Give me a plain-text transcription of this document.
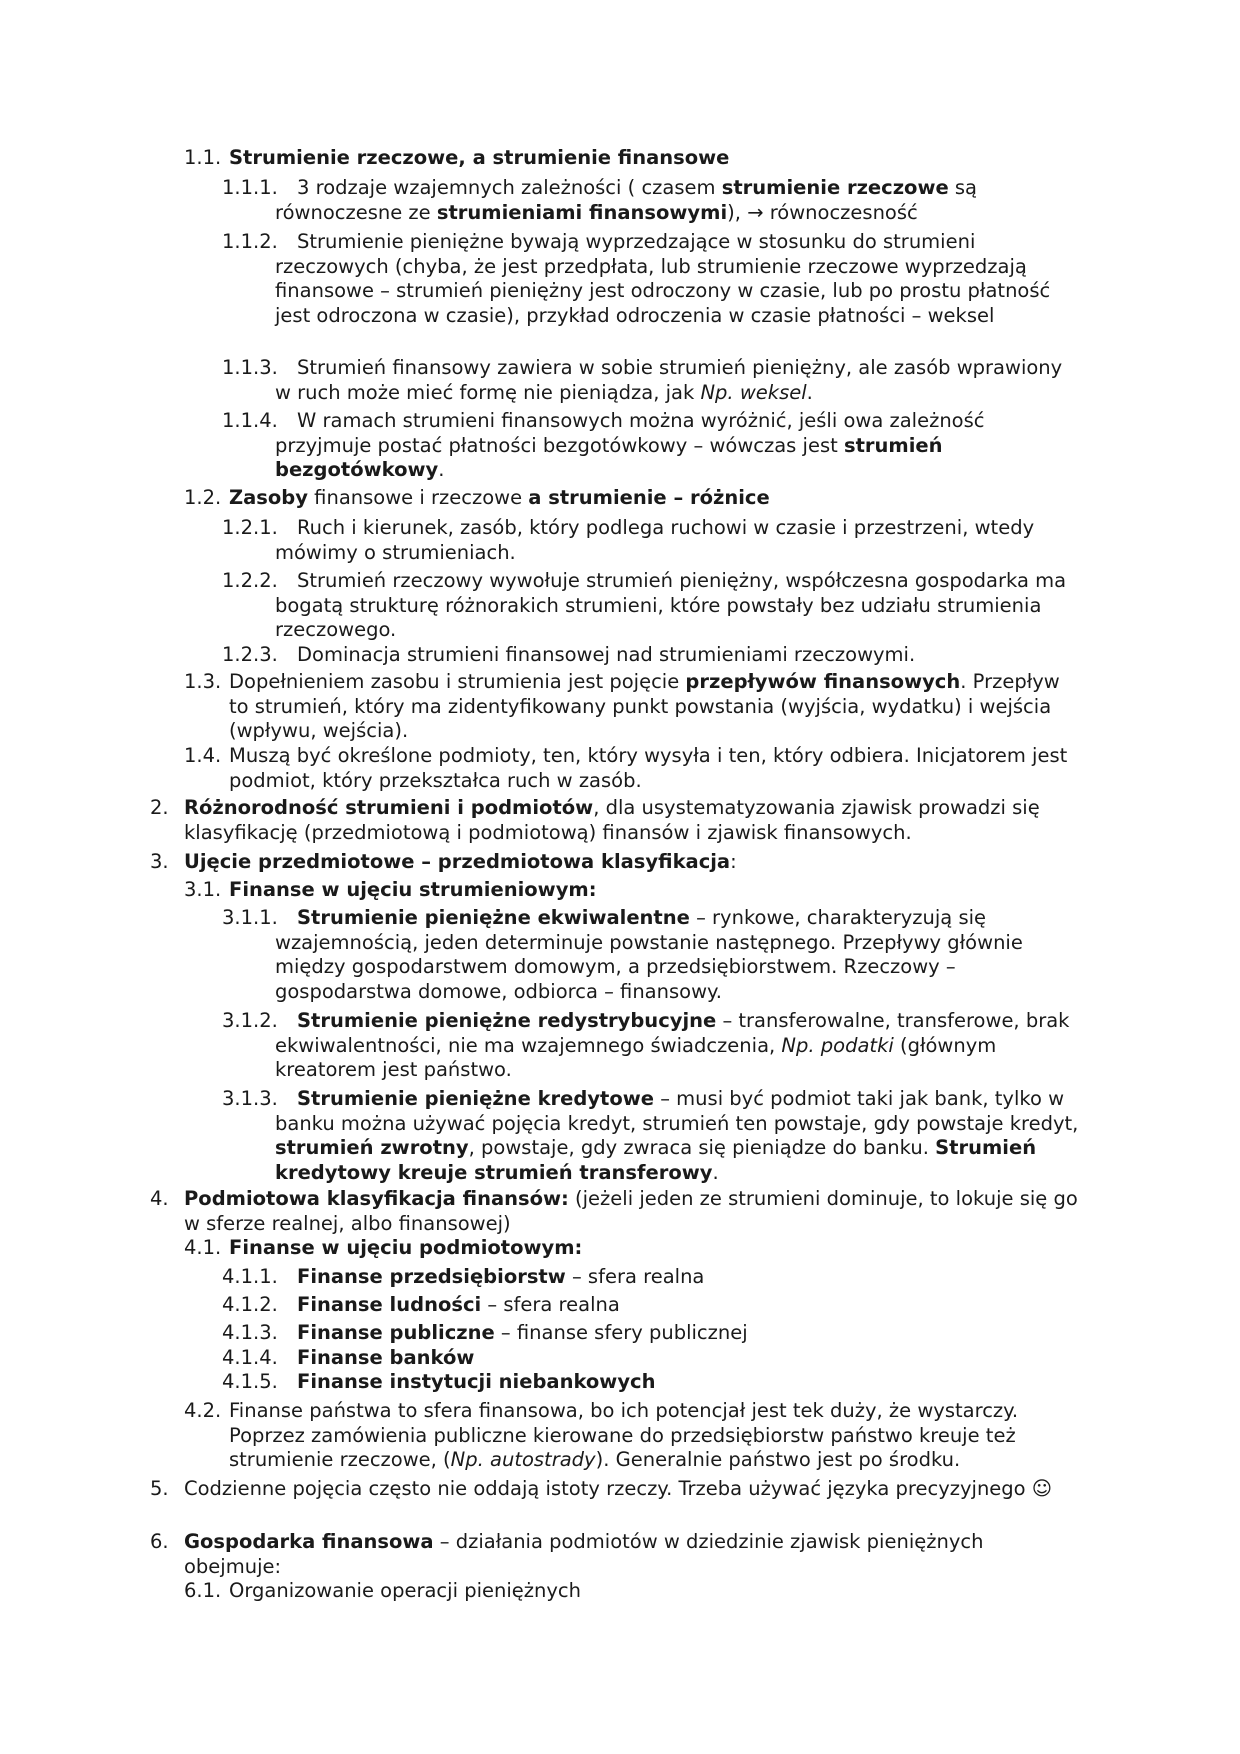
1.1. Strumienie rzeczowe, a strumienie finansowe
1.1.1. 3 rodzaje wzajemnych zależności ( czasem strumienie rzeczowe są równoczesne ze strumieniami finansowymi), → równoczesność
1.1.2. Strumienie pieniężne bywają wyprzedzające w stosunku do strumieni rzeczowych (chyba, że jest przedpłata, lub strumienie rzeczowe wyprzedzają finansowe – strumień pieniężny jest odroczony w czasie, lub po prostu płatność jest odroczona w czasie), przykład odroczenia w czasie płatności – weksel
1.1.3. Strumień finansowy zawiera w sobie strumień pieniężny, ale zasób wprawiony w ruch może mieć formę nie pieniądza, jak Np. weksel.
1.1.4. W ramach strumieni finansowych można wyróżnić, jeśli owa zależność przyjmuje postać płatności bezgotówkowy – wówczas jest strumień bezgotówkowy.
1.2. Zasoby finansowe i rzeczowe a strumienie – różnice
1.2.1. Ruch i kierunek, zasób, który podlega ruchowi w czasie i przestrzeni, wtedy mówimy o strumieniach.
1.2.2. Strumień rzeczowy wywołuje strumień pieniężny, współczesna gospodarka ma bogatą strukturę różnorakich strumieni, które powstały bez udziału strumienia rzeczowego.
1.2.3. Dominacja strumieni finansowej nad strumieniami rzeczowymi.
1.3. Dopełnieniem zasobu i strumienia jest pojęcie przepływów finansowych. Przepływ to strumień, który ma zidentyfikowany punkt powstania (wyjścia, wydatku) i wejścia (wpływu, wejścia).
1.4. Muszą być określone podmioty, ten, który wysyła i ten, który odbiera. Inicjatorem jest podmiot, który przekształca ruch w zasób.
2. Różnorodność strumieni i podmiotów, dla usystematyzowania zjawisk prowadzi się klasyfikację (przedmiotową i podmiotową) finansów i zjawisk finansowych.
3. Ujęcie przedmiotowe – przedmiotowa klasyfikacja:
3.1. Finanse w ujęciu strumieniowym:
3.1.1. Strumienie pieniężne ekwiwalentne – rynkowe, charakteryzują się wzajemnością, jeden determinuje powstanie następnego. Przepływy głównie między gospodarstwem domowym, a przedsiębiorstwem. Rzeczowy – gospodarstwa domowe, odbiorca – finansowy.
3.1.2. Strumienie pieniężne redystrybucyjne – transferowalne, transferowe, brak ekwiwalentności, nie ma wzajemnego świadczenia, Np. podatki (głównym kreatorem jest państwo.
3.1.3. Strumienie pieniężne kredytowe – musi być podmiot taki jak bank, tylko w banku można używać pojęcia kredyt, strumień ten powstaje, gdy powstaje kredyt, strumień zwrotny, powstaje, gdy zwraca się pieniądze do banku. Strumień kredytowy kreuje strumień transferowy.
4. Podmiotowa klasyfikacja finansów: (jeżeli jeden ze strumieni dominuje, to lokuje się go w sferze realnej, albo finansowej)
4.1. Finanse w ujęciu podmiotowym:
4.1.1. Finanse przedsiębiorstw – sfera realna
4.1.2. Finanse ludności – sfera realna
4.1.3. Finanse publiczne – finanse sfery publicznej
4.1.4. Finanse banków
4.1.5. Finanse instytucji niebankowych
4.2. Finanse państwa to sfera finansowa, bo ich potencjał jest tek duży, że wystarczy. Poprzez zamówienia publiczne kierowane do przedsiębiorstw państwo kreuje też strumienie rzeczowe, (Np. autostrady). Generalnie państwo jest po środku.
5. Codzienne pojęcia często nie oddają istoty rzeczy. Trzeba używać języka precyzyjnego ☺
6. Gospodarka finansowa – działania podmiotów w dziedzinie zjawisk pieniężnych obejmuje:
6.1. Organizowanie operacji pieniężnych
